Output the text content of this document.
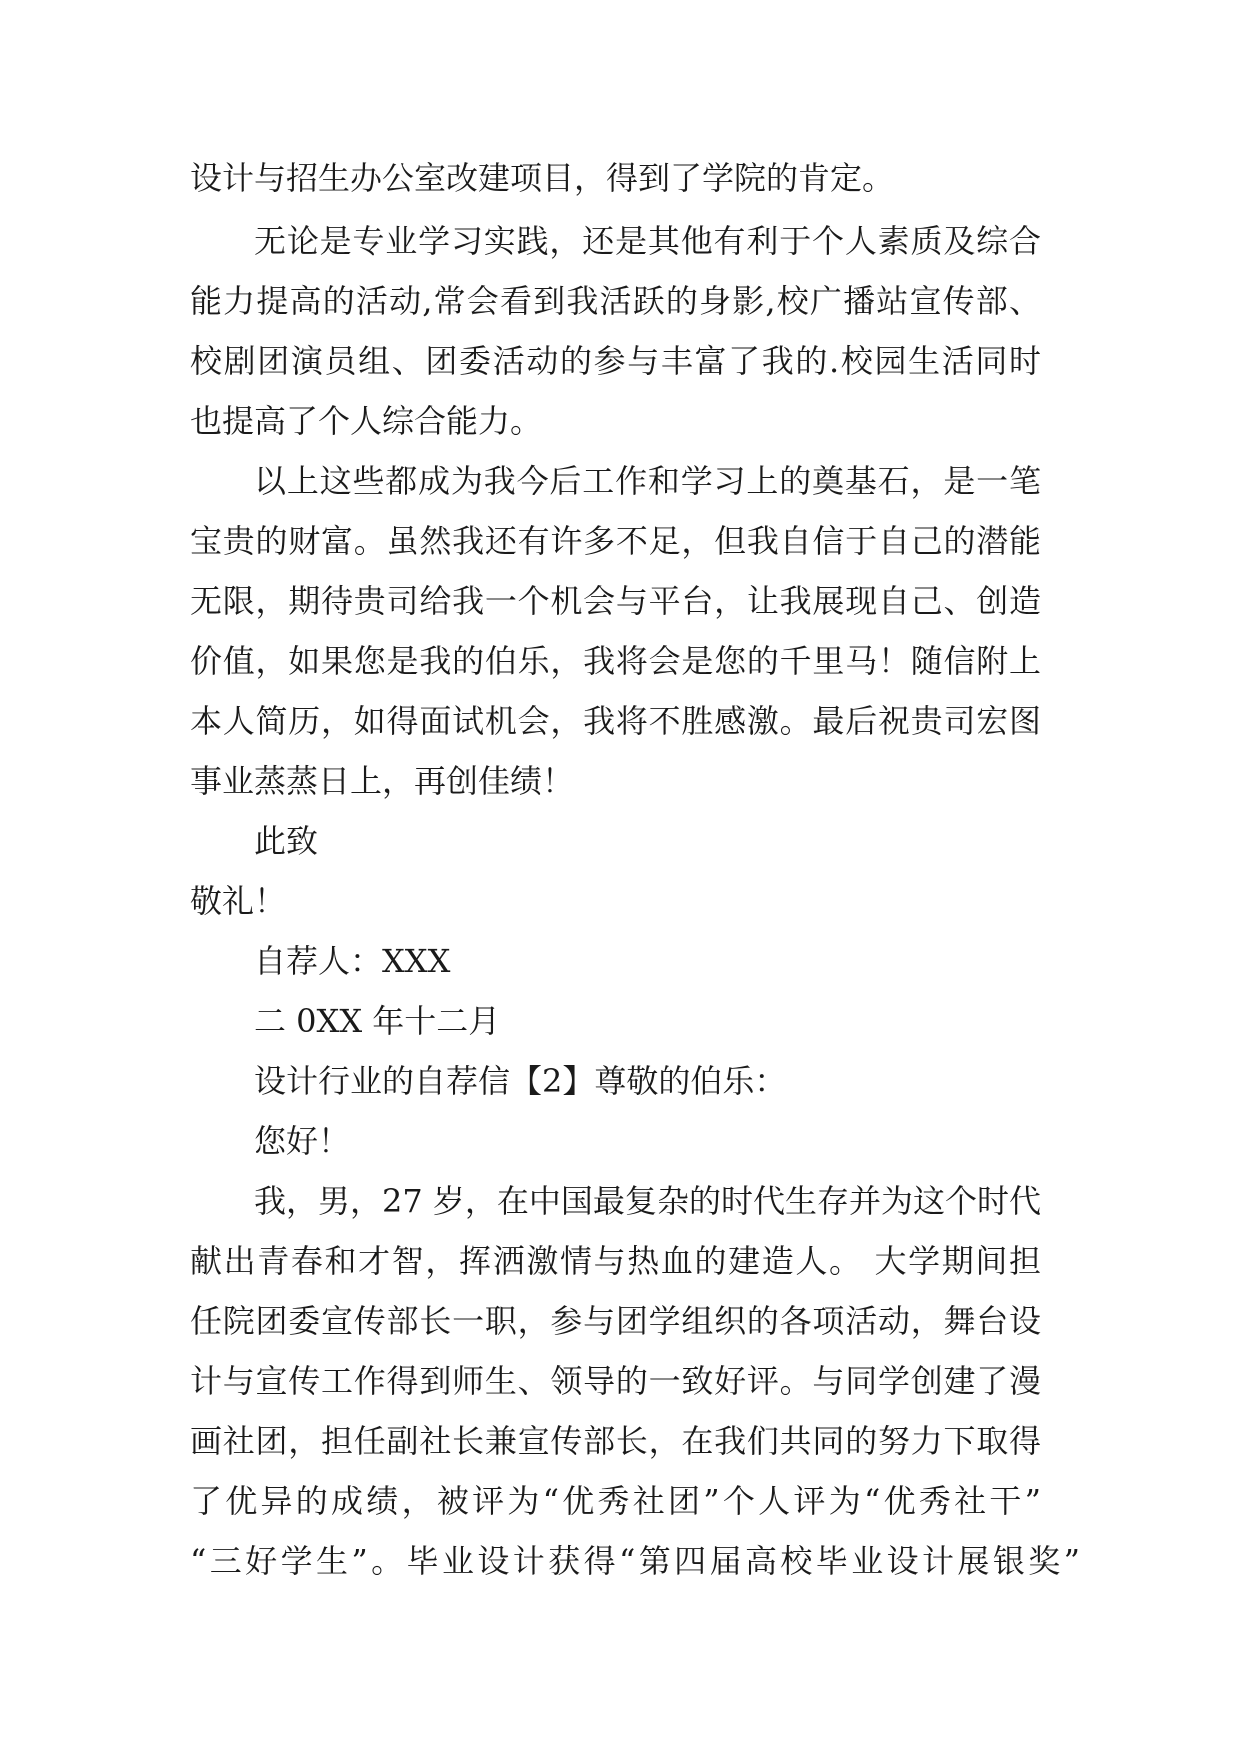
设计与招生办公室改建项目，得到了学院的肯定。

无论是专业学习实践，还是其他有利于个人素质及综合

能力提高的活动,常会看到我活跃的身影,校广播站宣传部、

校剧团演员组、团委活动的参与丰富了我的.校园生活同时

也提高了个人综合能力。

以上这些都成为我今后工作和学习上的奠基石，是一笔

宝贵的财富。虽然我还有许多不足，但我自信于自己的潜能

无限，期待贵司给我一个机会与平台，让我展现自己、创造

价值，如果您是我的伯乐，我将会是您的千里马！随信附上

本人简历，如得面试机会，我将不胜感激。最后祝贵司宏图

事业蒸蒸日上，再创佳绩！

此致

敬礼！

自荐人：XXX

二 0XX 年十二月

设计行业的自荐信【2】尊敬的伯乐：

您好！

我，男，27 岁，在中国最复杂的时代生存并为这个时代

献出青春和才智，挥洒激情与热血的建造人。 大学期间担

任院团委宣传部长一职，参与团学组织的各项活动，舞台设

计与宣传工作得到师生、领导的一致好评。与同学创建了漫

画社团，担任副社长兼宣传部长，在我们共同的努力下取得

了优异的成绩，被评为“优秀社团”个人评为“优秀社干”

“三好学生”。毕业设计获得“第四届高校毕业设计展银奖”
